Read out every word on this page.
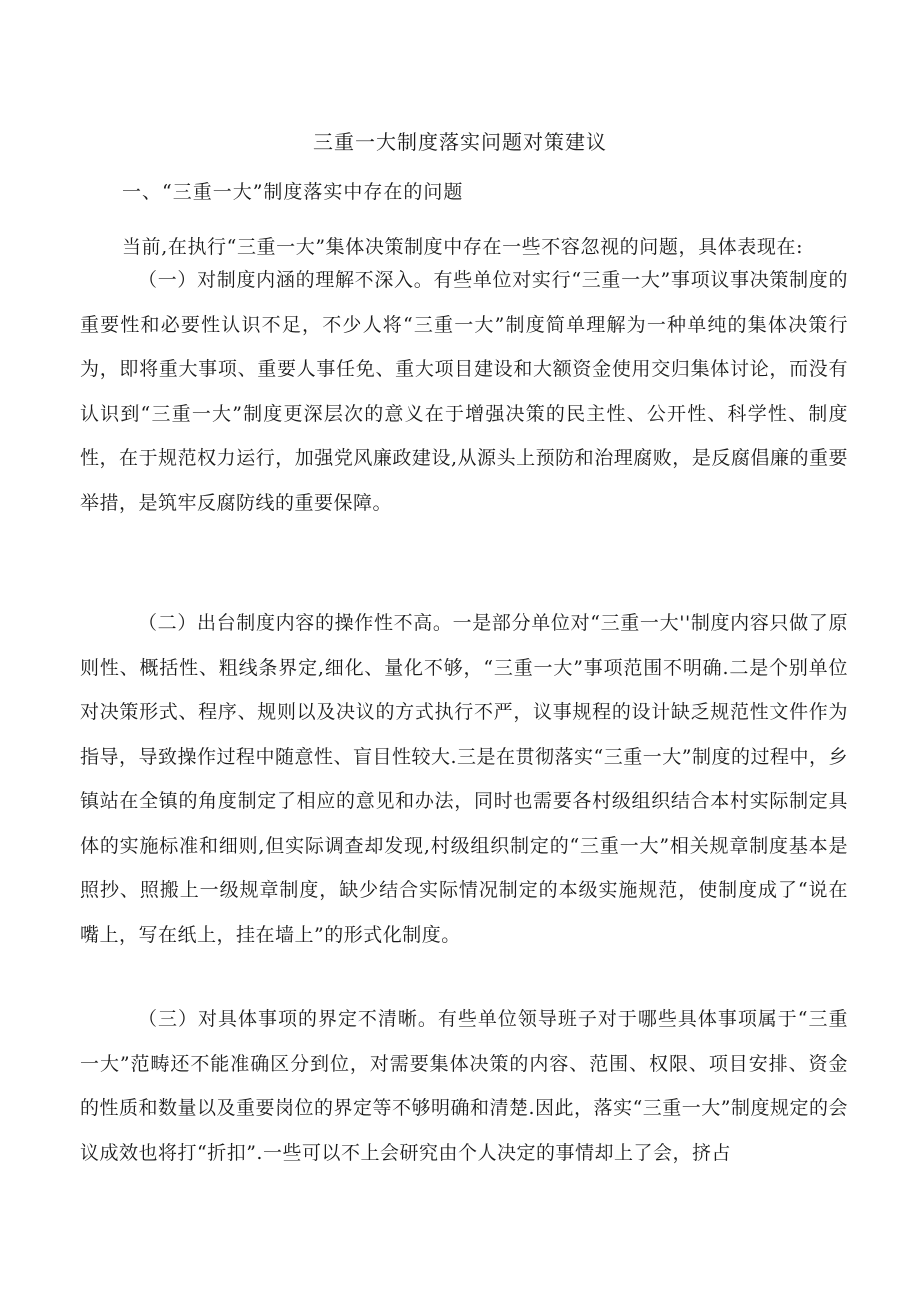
三重一大制度落实问题对策建议
一、“三重一大”制度落实中存在的问题
当前,在执行“三重一大”集体决策制度中存在一些不容忽视的问题，具体表现在:
（一）对制度内涵的理解不深入。有些单位对实行“三重一大”事项议事决策制度的重要性和必要性认识不足，不少人将“三重一大”制度简单理解为一种单纯的集体决策行为，即将重大事项、重要人事任免、重大项目建设和大额资金使用交归集体讨论，而没有认识到“三重一大”制度更深层次的意义在于增强决策的民主性、公开性、科学性、制度性，在于规范权力运行，加强党风廉政建设,从源头上预防和治理腐败，是反腐倡廉的重要举措，是筑牢反腐防线的重要保障。
（二）出台制度内容的操作性不高。一是部分单位对“三重一大''制度内容只做了原则性、概括性、粗线条界定,细化、量化不够，“三重一大”事项范围不明确.二是个别单位对决策形式、程序、规则以及决议的方式执行不严，议事规程的设计缺乏规范性文件作为指导，导致操作过程中随意性、盲目性较大.三是在贯彻落实“三重一大”制度的过程中，乡镇站在全镇的角度制定了相应的意见和办法，同时也需要各村级组织结合本村实际制定具体的实施标准和细则,但实际调查却发现,村级组织制定的“三重一大”相关规章制度基本是照抄、照搬上一级规章制度，缺少结合实际情况制定的本级实施规范，使制度成了“说在嘴上，写在纸上，挂在墙上”的形式化制度。
（三）对具体事项的界定不清晰。有些单位领导班子对于哪些具体事项属于“三重一大”范畴还不能准确区分到位，对需要集体决策的内容、范围、权限、项目安排、资金的性质和数量以及重要岗位的界定等不够明确和清楚.因此，落实“三重一大”制度规定的会议成效也将打“折扣”.一些可以不上会研究由个人决定的事情却上了会，挤占
